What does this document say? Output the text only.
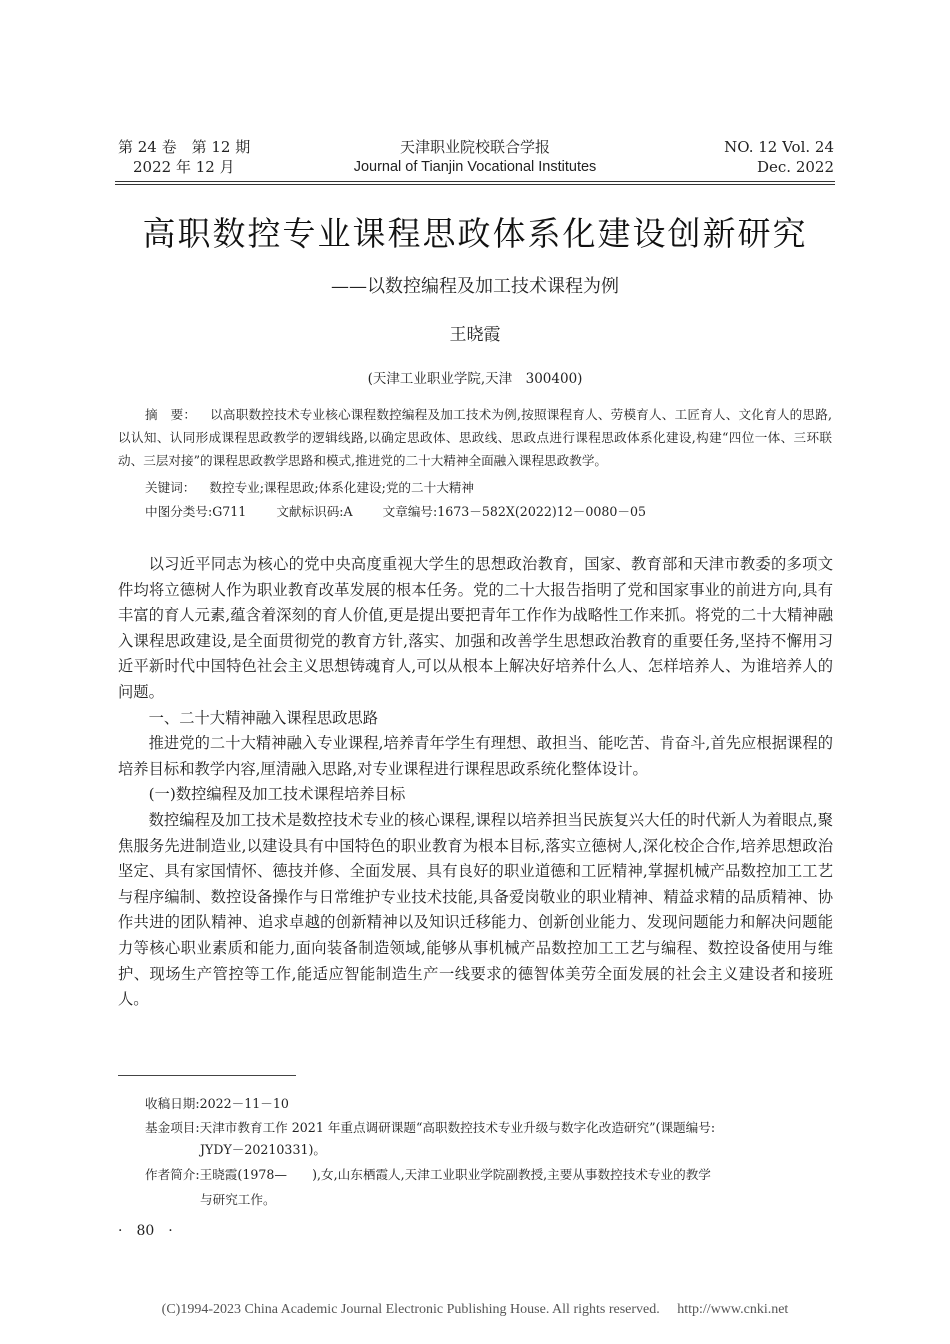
第 24 卷　第 12 期
2022 年 12 月
天津职业院校联合学报
Journal of Tianjin Vocational Institutes
NO. 12 Vol. 24
Dec. 2022
高职数控专业课程思政体系化建设创新研究
——以数控编程及加工技术课程为例
王晓霞
(天津工业职业学院,天津　300400)
摘　要： 以高职数控技术专业核心课程数控编程及加工技术为例,按照课程育人、劳模育人、工匠育人、文化育人的思路,以认知、认同形成课程思政教学的逻辑线路,以确定思政体、思政线、思政点进行课程思政体系化建设,构建“四位一体、三环联动、三层对接”的课程思政教学思路和模式,推进党的二十大精神全面融入课程思政教学。
关键词： 数控专业;课程思政;体系化建设;党的二十大精神
中图分类号:G711 文献标识码:A 文章编号:1673－582X(2022)12－0080－05

以习近平同志为核心的党中央高度重视大学生的思想政治教育，国家、教育部和天津市教委的多项文件均将立德树人作为职业教育改革发展的根本任务。党的二十大报告指明了党和国家事业的前进方向,具有丰富的育人元素,蕴含着深刻的育人价值,更是提出要把青年工作作为战略性工作来抓。将党的二十大精神融入课程思政建设,是全面贯彻党的教育方针,落实、加强和改善学生思想政治教育的重要任务,坚持不懈用习近平新时代中国特色社会主义思想铸魂育人,可以从根本上解决好培养什么人、怎样培养人、为谁培养人的问题。

一、二十大精神融入课程思政思路

推进党的二十大精神融入专业课程,培养青年学生有理想、敢担当、能吃苦、肯奋斗,首先应根据课程的培养目标和教学内容,厘清融入思路,对专业课程进行课程思政系统化整体设计。

(一)数控编程及加工技术课程培养目标

数控编程及加工技术是数控技术专业的核心课程,课程以培养担当民族复兴大任的时代新人为着眼点,聚焦服务先进制造业,以建设具有中国特色的职业教育为根本目标,落实立德树人,深化校企合作,培养思想政治坚定、具有家国情怀、德技并修、全面发展、具有良好的职业道德和工匠精神,掌握机械产品数控加工工艺与程序编制、数控设备操作与日常维护专业技术技能,具备爱岗敬业的职业精神、精益求精的品质精神、协作共进的团队精神、追求卓越的创新精神以及知识迁移能力、创新创业能力、发现问题能力和解决问题能力等核心职业素质和能力,面向装备制造领域,能够从事机械产品数控加工工艺与编程、数控设备使用与维护、现场生产管控等工作,能适应智能制造生产一线要求的德智体美劳全面发展的社会主义建设者和接班人。

收稿日期:2022－11－10
基金项目:天津市教育工作 2021 年重点调研课题“高职数控技术专业升级与数字化改造研究”(课题编号:
JYDY－20210331)。
作者简介:王晓霞(1978—　　),女,山东栖霞人,天津工业职业学院副教授,主要从事数控技术专业的教学
与研究工作。
·　80　·
(C)1994-2023 China Academic Journal Electronic Publishing House. All rights reserved.　 http://www.cnki.net
